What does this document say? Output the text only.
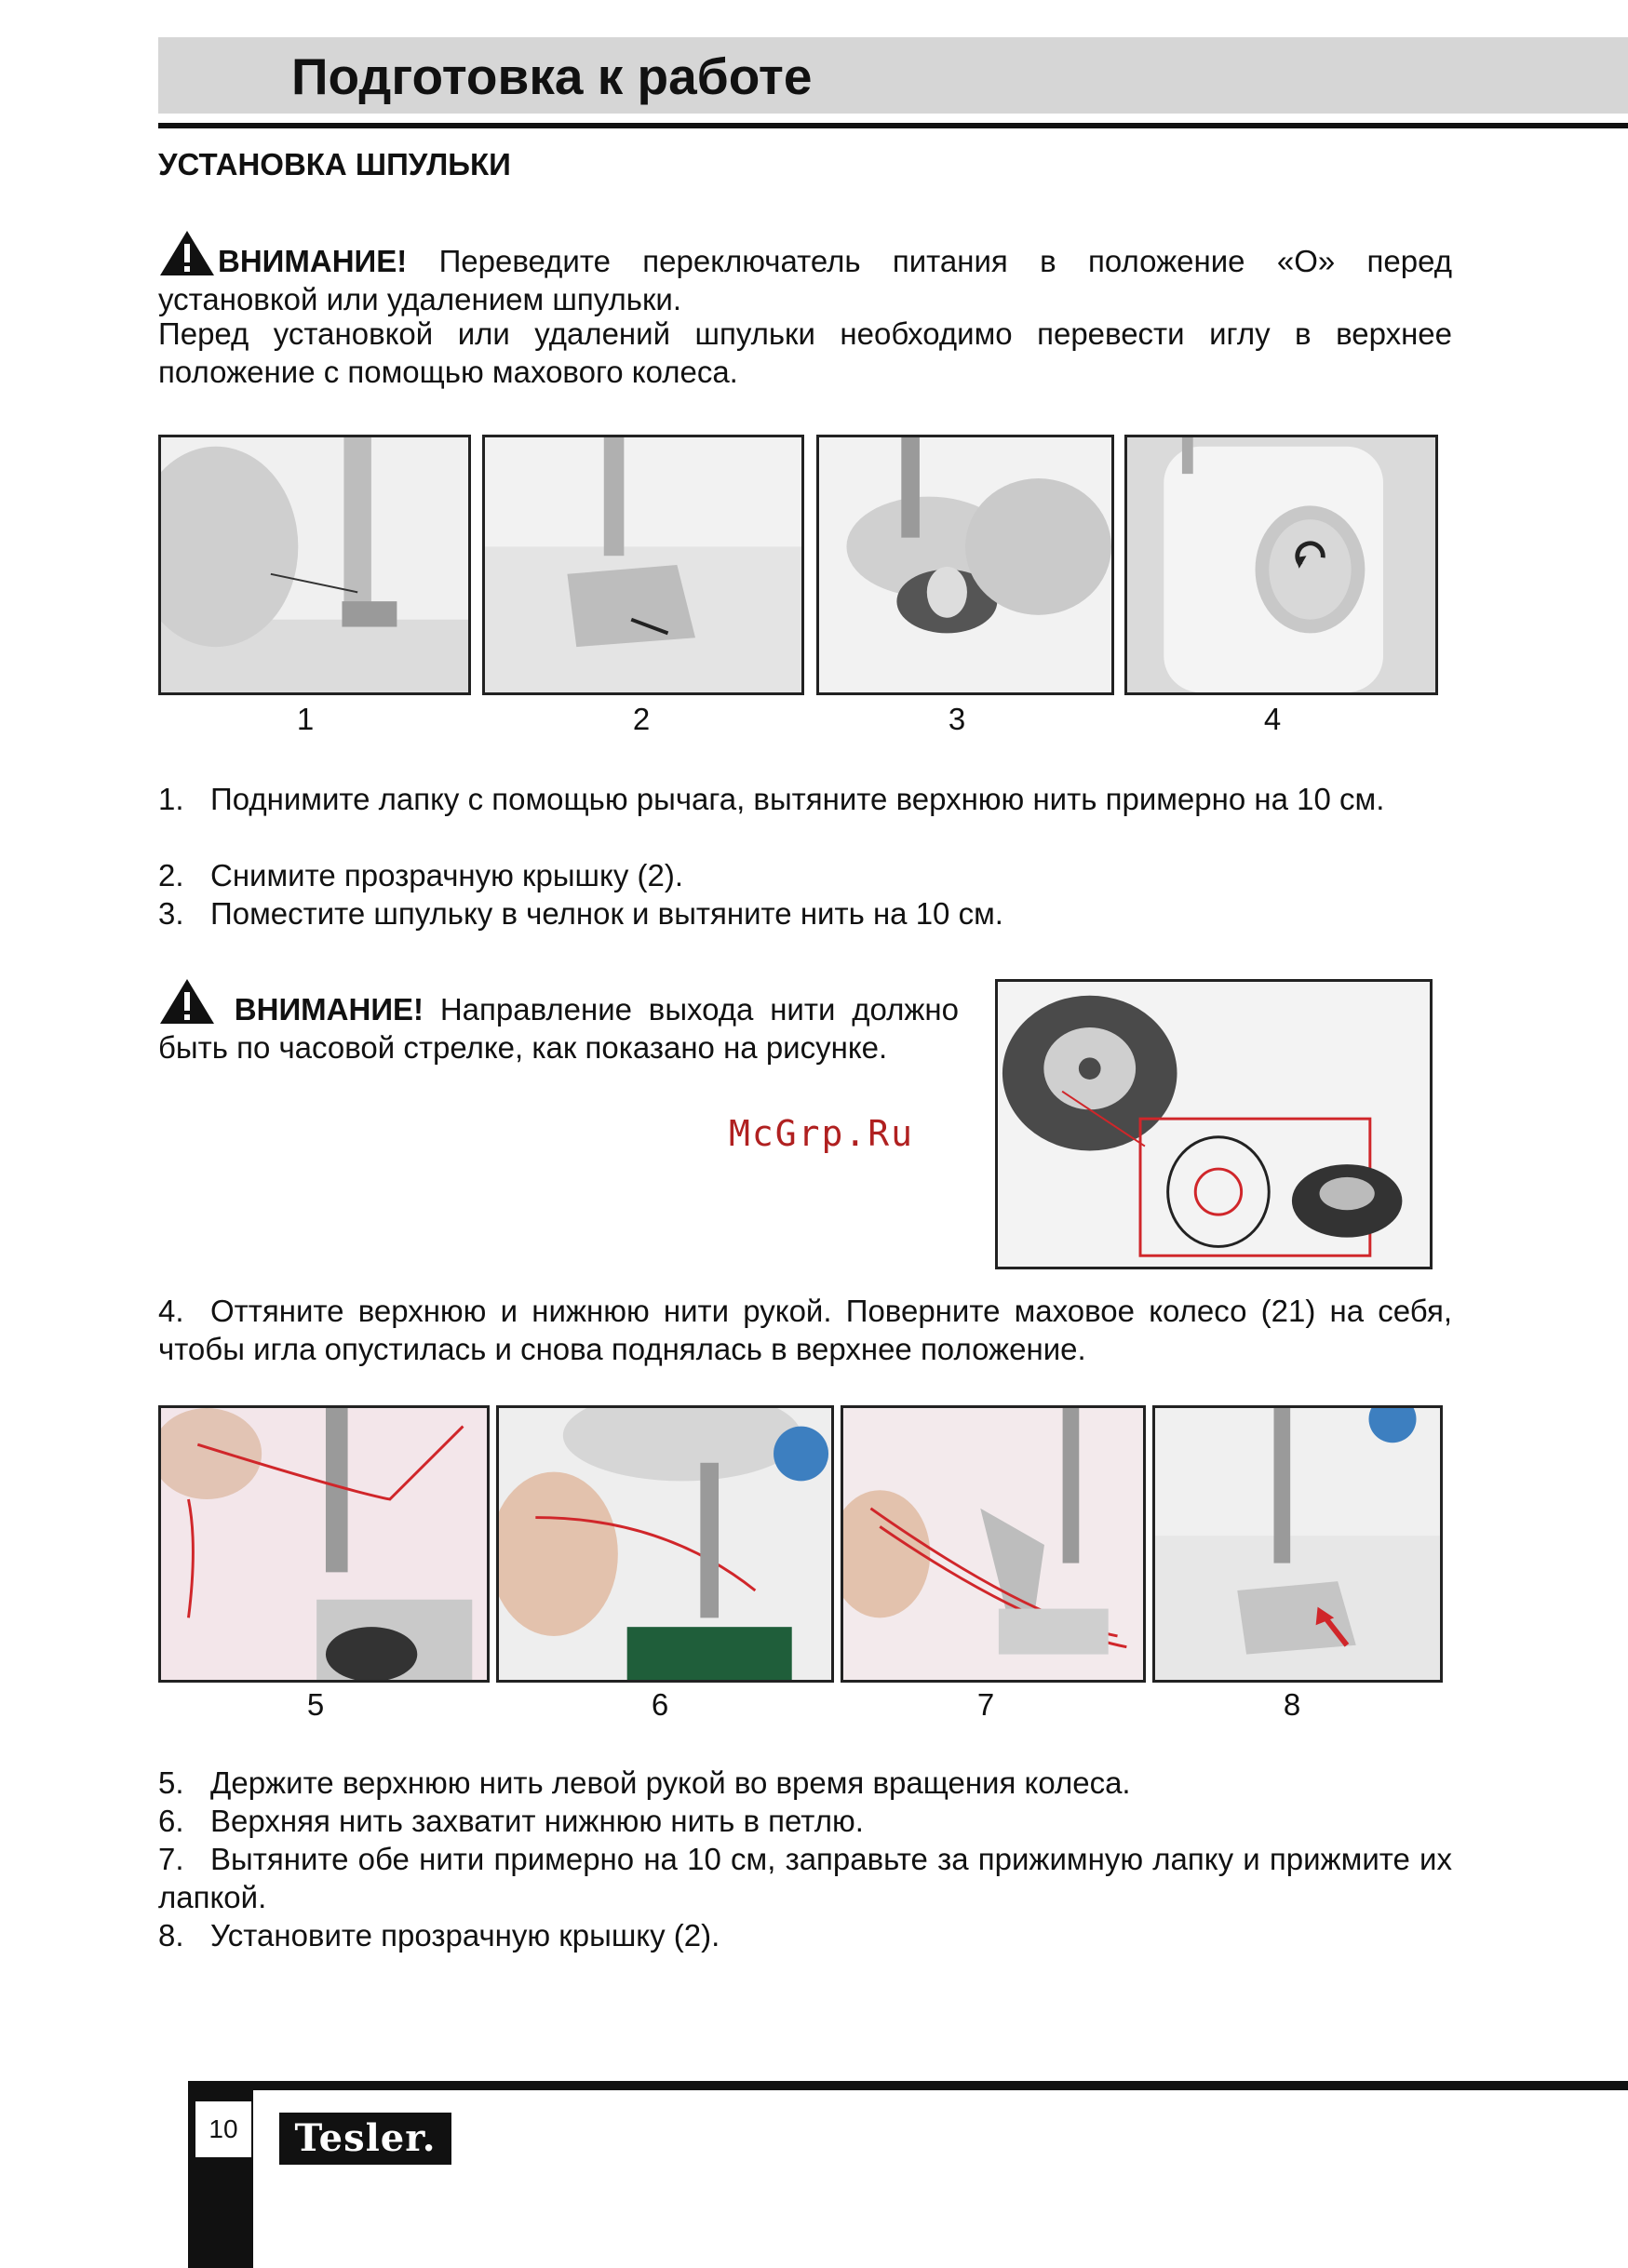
Подготовка к работе
УСТАНОВКА ШПУЛЬКИ
ВНИМАНИЕ! Переведите переключатель питания в положение «О» перед установкой или удалением шпульки.
Перед установкой или удалений шпульки необходимо перевести иглу в верхнее положение с помощью махового колеса.
1	2	3	4
1. Поднимите лапку с помощью рычага, вытяните верхнюю нить примерно на 10 см.
2. Снимите прозрачную крышку (2).
3. Поместите шпульку в челнок и вытяните нить на 10 см.
ВНИМАНИЕ! Направление выхода нити должно быть по часовой стрелке, как показано на рисунке.
McGrp.Ru
4. Оттяните верхнюю и нижнюю нити рукой. Поверните маховое колесо (21) на себя, чтобы игла опустилась и снова поднялась в верхнее положение.
5	6	7	8
5. Держите верхнюю нить левой рукой во время вращения колеса.
6. Верхняя нить захватит нижнюю нить в петлю.
7. Вытяните обе нити примерно на 10 см, заправьте за прижимную лапку и прижмите их лапкой.
8. Установите прозрачную крышку (2).
10	Tesler.
